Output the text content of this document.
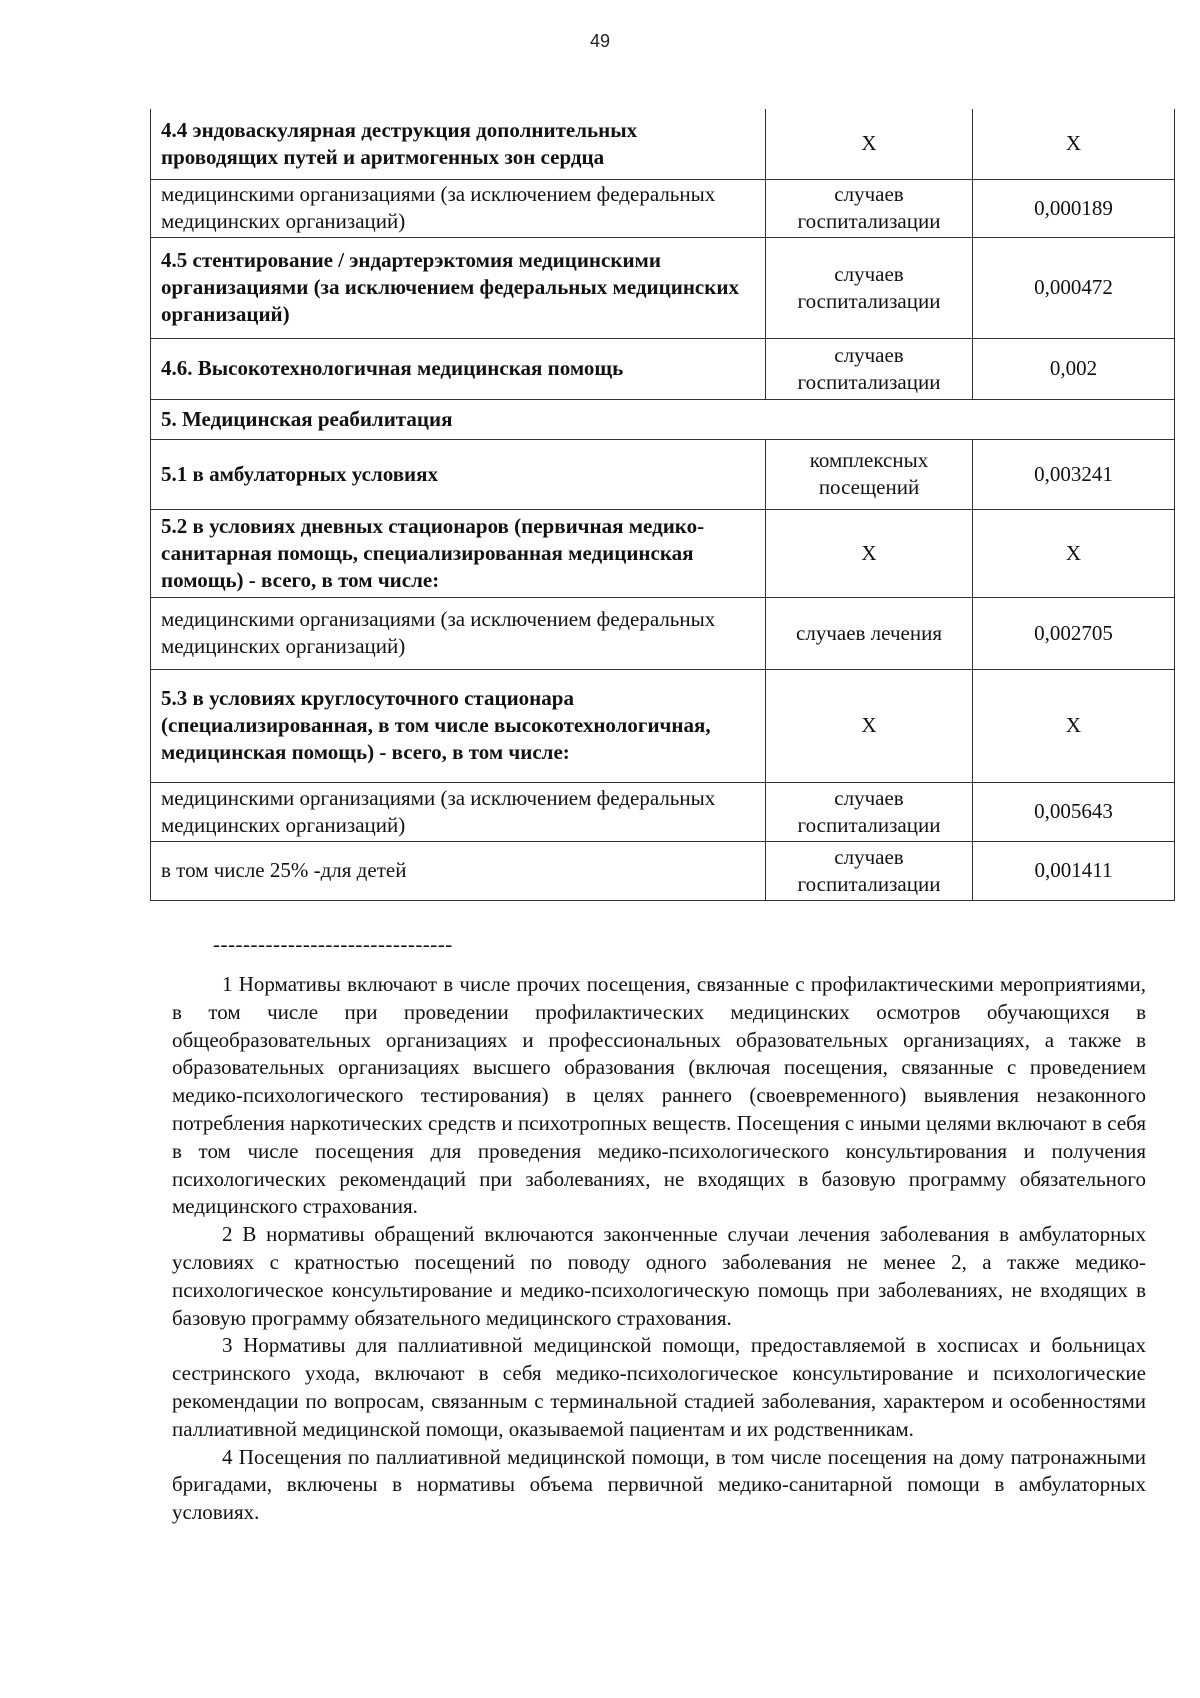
49
4.4 эндоваскулярная деструкция дополнительных проводящих путей и аритмогенных зон сердца	Х	Х
медицинскими организациями (за исключением федеральных медицинских организаций)	случаев госпитализации	0,000189
4.5 стентирование / эндартерэктомия медицинскими организациями (за исключением федеральных медицинских организаций)	случаев госпитализации	0,000472
4.6. Высокотехнологичная медицинская помощь	случаев госпитализации	0,002
5. Медицинская реабилитация		
5.1 в амбулаторных условиях	комплексных посещений	0,003241
5.2 в условиях дневных стационаров (первичная медико-санитарная помощь, специализированная медицинская помощь) - всего, в том числе:	Х	Х
медицинскими организациями (за исключением федеральных медицинских организаций)	случаев лечения	0,002705
5.3 в условиях круглосуточного стационара (специализированная, в том числе высокотехнологичная, медицинская помощь) - всего, в том числе:	Х	Х
медицинскими организациями (за исключением федеральных медицинских организаций)	случаев госпитализации	0,005643
в том числе 25% -для детей	случаев госпитализации	0,001411
--------------------------------

1 Нормативы включают в числе прочих посещения, связанные с профилактическими мероприятиями, в том числе при проведении профилактических медицинских осмотров обучающихся в общеобразовательных организациях и профессиональных образовательных организациях, а также в образовательных организациях высшего образования (включая посещения, связанные с проведением медико-психологического тестирования) в целях раннего (своевременного) выявления незаконного потребления наркотических средств и психотропных веществ. Посещения с иными целями включают в себя в том числе посещения для проведения медико-психологического консультирования и получения психологических рекомендаций при заболеваниях, не входящих в базовую программу обязательного медицинского страхования.

2 В нормативы обращений включаются законченные случаи лечения заболевания в амбулаторных условиях с кратностью посещений по поводу одного заболевания не менее 2, а также медико-психологическое консультирование и медико-психологическую помощь при заболеваниях, не входящих в базовую программу обязательного медицинского страхования.

3 Нормативы для паллиативной медицинской помощи, предоставляемой в хосписах и больницах сестринского ухода, включают в себя медико-психологическое консультирование и психологические рекомендации по вопросам, связанным с терминальной стадией заболевания, характером и особенностями паллиативной медицинской помощи, оказываемой пациентам и их родственникам.

4 Посещения по паллиативной медицинской помощи, в том числе посещения на дому патронажными бригадами, включены в нормативы объема первичной медико-санитарной помощи в амбулаторных условиях.
